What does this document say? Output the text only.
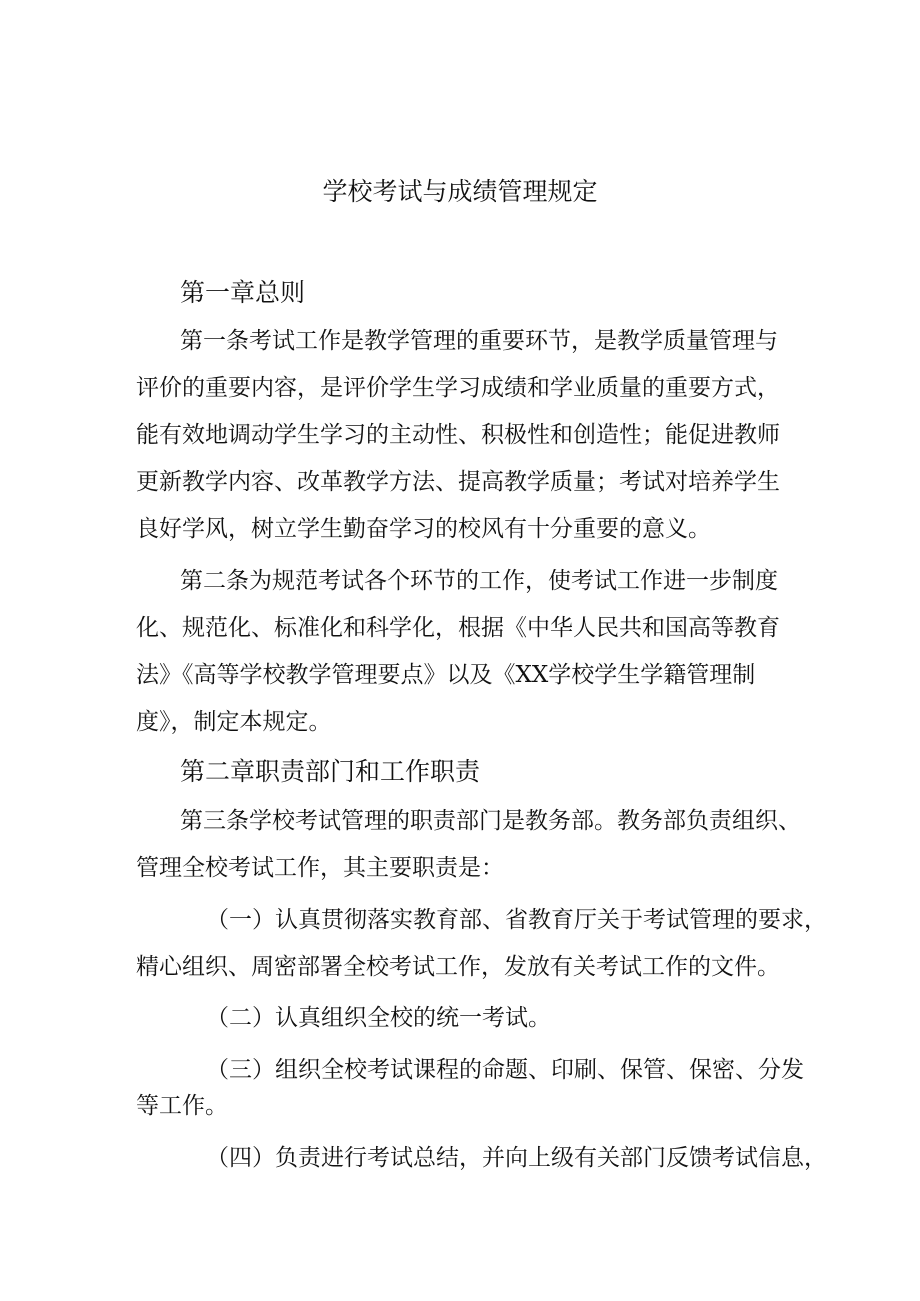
学校考试与成绩管理规定
第一章总则
第一条考试工作是教学管理的重要环节，是教学质量管理与
评价的重要内容，是评价学生学习成绩和学业质量的重要方式，
能有效地调动学生学习的主动性、积极性和创造性；能促进教师
更新教学内容、改革教学方法、提高教学质量；考试对培养学生
良好学风，树立学生勤奋学习的校风有十分重要的意义。
第二条为规范考试各个环节的工作，使考试工作进一步制度
化、规范化、标准化和科学化，根据《中华人民共和国高等教育
法》《高等学校教学管理要点》以及《XX学校学生学籍管理制
度》，制定本规定。
第二章职责部门和工作职责
第三条学校考试管理的职责部门是教务部。教务部负责组织、
管理全校考试工作，其主要职责是：
（一）认真贯彻落实教育部、省教育厅关于考试管理的要求，
精心组织、周密部署全校考试工作，发放有关考试工作的文件。
（二）认真组织全校的统一考试。
（三）组织全校考试课程的命题、印刷、保管、保密、分发
等工作。
（四）负责进行考试总结，并向上级有关部门反馈考试信息，
